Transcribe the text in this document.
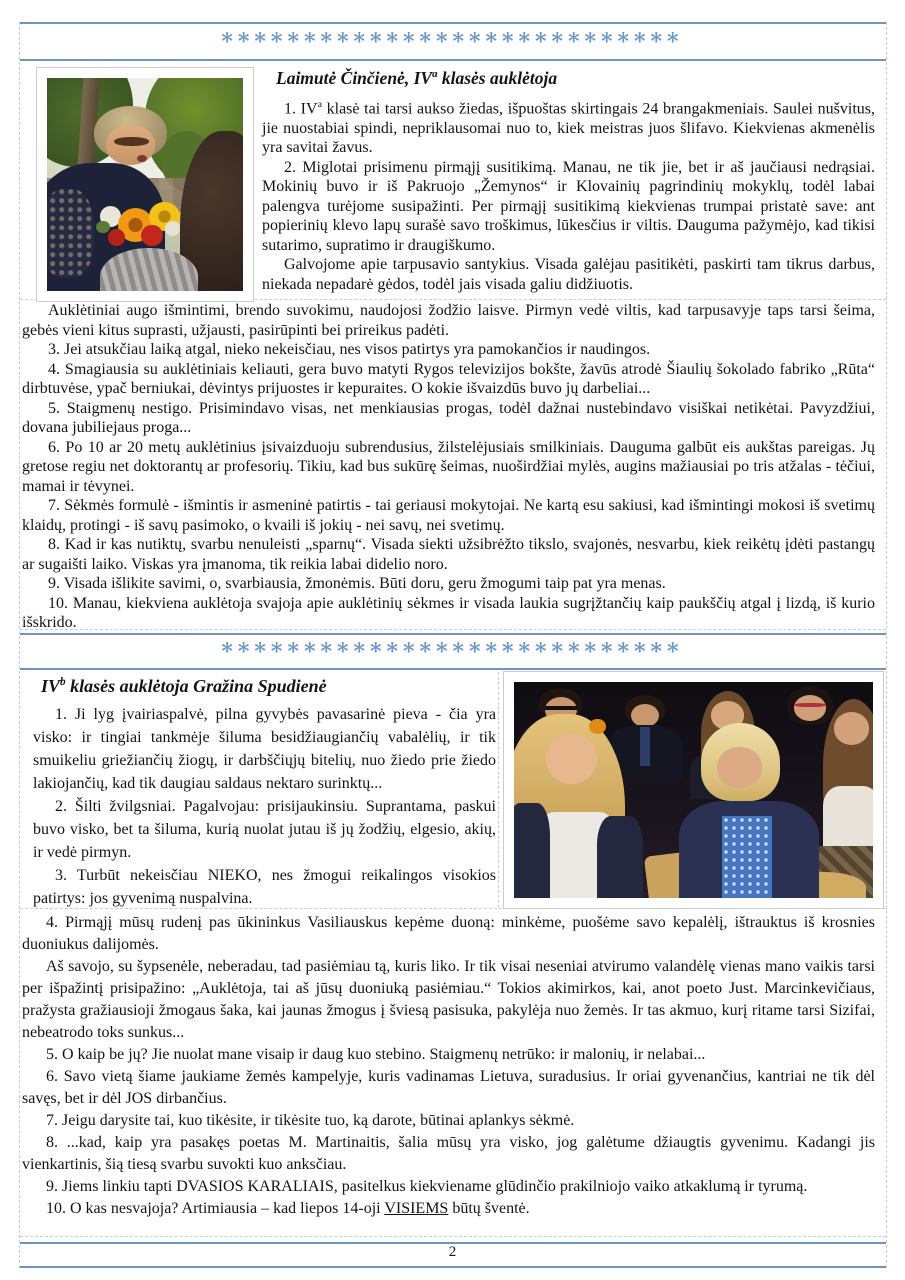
****************************
Laimutė Činčienė, $IV^a$ klasės auklėtoja

1. $IV^a$ klasė tai tarsi aukso žiedas, išpuoštas skirtingais 24 brangakmeniais. Saulei nušvitus, jie nuostabiai spindi, nepriklausomai nuo to, kiek meistras juos šlifavo. Kiekvienas akmenėlis yra savitai žavus.

2. Miglotai prisimenu pirmąjį susitikimą. Manau, ne tik jie, bet ir aš jaučiausi nedrąsiai. Mokinių buvo ir iš Pakruojo „Žemynos“ ir Klovainių pagrindinių mokyklų, todėl labai palengva turėjome susipažinti. Per pirmąjį susitikimą kiekvienas trumpai pristatė save: ant popierinių klevo lapų surašė savo troškimus, lūkesčius ir viltis. Dauguma pažymėjo, kad tikisi sutarimo, supratimo ir draugiškumo.

Galvojome apie tarpusavio santykius. Visada galėjau pasitikėti, paskirti tam tikrus darbus, niekada nepadarė gėdos, todėl jais visada galiu didžiuotis.

Auklėtiniai augo išmintimi, brendo suvokimu, naudojosi žodžio laisve. Pirmyn vedė viltis, kad tarpusavyje taps tarsi šeima, gebės vieni kitus suprasti, užjausti, pasirūpinti bei prireikus padėti.

3. Jei atsukčiau laiką atgal, nieko nekeisčiau, nes visos patirtys yra pamokančios ir naudingos.

4. Smagiausia su auklėtiniais keliauti, gera buvo matyti Rygos televizijos bokšte, žavūs atrodė Šiaulių šokolado fabriko „Rūta“ dirbtuvėse, ypač berniukai, dėvintys prijuostes ir kepuraites. O kokie išvaizdūs buvo jų darbeliai...

5. Staigmenų nestigo. Prisimindavo visas, net menkiausias progas, todėl dažnai nustebindavo visiškai netikėtai. Pavyzdžiui, dovana jubiliejaus proga...

6. Po 10 ar 20 metų auklėtinius įsivaizduoju subrendusius, žilstelėjusiais smilkiniais. Dauguma galbūt eis aukštas pareigas. Jų gretose regiu net doktorantų ar profesorių. Tikiu, kad bus sukūrę šeimas, nuoširdžiai mylės, augins mažiausiai po tris atžalas - tėčiui, mamai ir tėvynei.

7. Sėkmės formulė - išmintis ir asmeninė patirtis - tai geriausi mokytojai. Ne kartą esu sakiusi, kad išmintingi mokosi iš svetimų klaidų, protingi - iš savų pasimoko, o kvaili iš jokių - nei savų, nei svetimų.

8. Kad ir kas nutiktų, svarbu nenuleisti „sparnų“. Visada siekti užsibrėžto tikslo, svajonės, nesvarbu, kiek reikėtų įdėti pastangų ar sugaišti laiko. Viskas yra įmanoma, tik reikia labai didelio noro.

9. Visada išlikite savimi, o, svarbiausia, žmonėmis. Būti doru, geru žmogumi taip pat yra menas.

10. Manau, kiekviena auklėtoja svajoja apie auklėtinių sėkmes ir visada laukia sugrįžtančių kaip paukščių atgal į lizdą, iš kurio išskrido.

****************************
$IV^b$ klasės auklėtoja Gražina Spudienė

1. Ji lyg įvairiaspalvė, pilna gyvybės pavasarinė pieva - čia yra visko: ir tingiai tankmėje šiluma besidžiaugiančių vabalėlių, ir tik smuikeliu griežiančių žiogų, ir darbščiųjų bitelių, nuo žiedo prie žiedo lakiojančių, kad tik daugiau saldaus nektaro surinktų...

2. Šilti žvilgsniai. Pagalvojau: prisijaukinsiu. Suprantama, paskui buvo visko, bet ta šiluma, kurią nuolat jutau iš jų žodžių, elgesio, akių, ir vedė pirmyn.

3. Turbūt nekeisčiau NIEKO, nes žmogui reikalingos visokios patirtys: jos gyvenimą nuspalvina.

4. Pirmąjį mūsų rudenį pas ūkininkus Vasiliauskus kepėme duoną: minkėme, puošėme savo kepalėlį, ištrauktus iš krosnies duoniukus dalijomės.

Aš savojo, su šypsenėle, neberadau, tad pasiėmiau tą, kuris liko. Ir tik visai neseniai atvirumo valandėlę vienas mano vaikis tarsi per išpažintį prisipažino: „Auklėtoja, tai aš jūsų duoniuką pasiėmiau.“ Tokios akimirkos, kai, anot poeto Just. Marcinkevičiaus, pražysta gražiausioji žmogaus šaka, kai jaunas žmogus į šviesą pasisuka, pakylėja nuo žemės. Ir tas akmuo, kurį ritame tarsi Sizifai, nebeatrodo toks sunkus...

5. O kaip be jų? Jie nuolat mane visaip ir daug kuo stebino. Staigmenų netrūko: ir malonių, ir nelabai...

6. Savo vietą šiame jaukiame žemės kampelyje, kuris vadinamas Lietuva, suradusius. Ir oriai gyvenančius, kantriai ne tik dėl savęs, bet ir dėl JOS dirbančius.

7. Jeigu darysite tai, kuo tikėsite, ir tikėsite tuo, ką darote, būtinai aplankys sėkmė.

8. ...kad, kaip yra pasakęs poetas M. Martinaitis, šalia mūsų yra visko, jog galėtume džiaugtis gyvenimu. Kadangi jis vienkartinis, šią tiesą svarbu suvokti kuo anksčiau.

9. Jiems linkiu tapti DVASIOS KARALIAIS, pasitelkus kiekviename glūdinčio prakilniojo vaiko atkaklumą ir tyrumą.

10. O kas nesvajoja? Artimiausia – kad liepos 14-oji VISIEMS būtų šventė.

2
